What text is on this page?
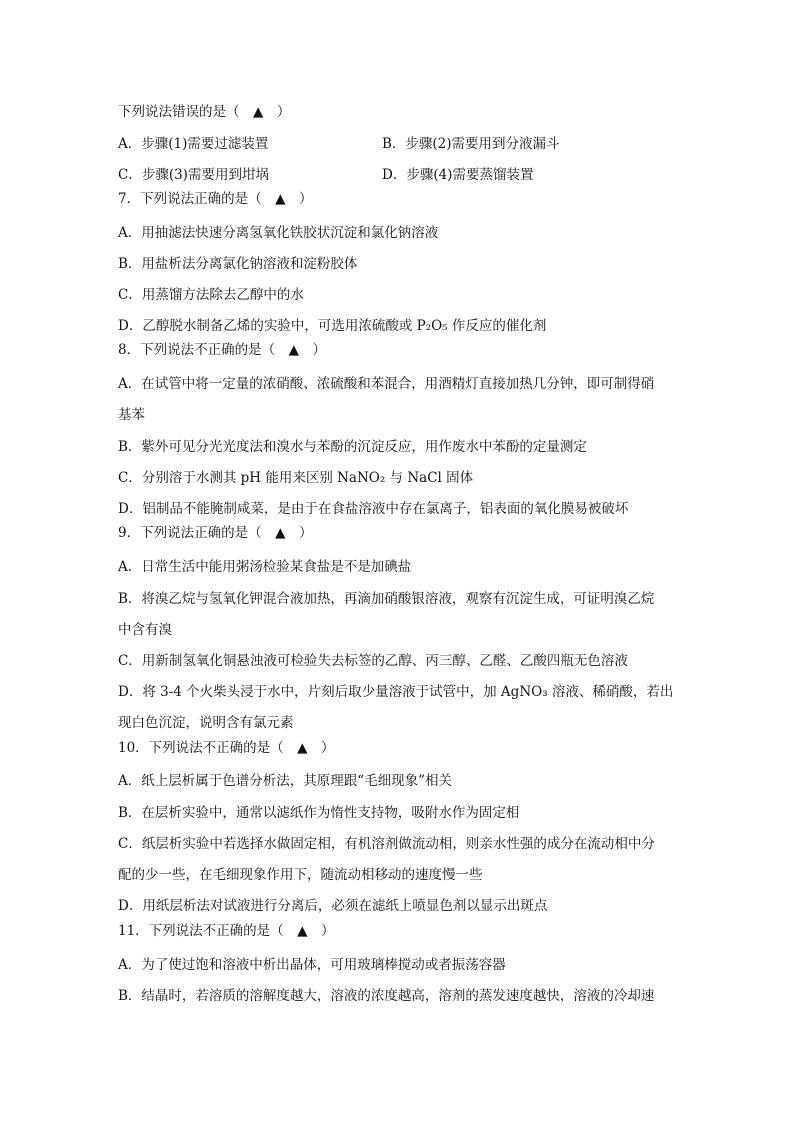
下列说法错误的是（　▲　）
A．步骤(1)需要过滤装置	B．步骤(2)需要用到分液漏斗
C．步骤(3)需要用到坩埚	D．步骤(4)需要蒸馏装置
7．下列说法正确的是（　▲　）
A．用抽滤法快速分离氢氧化铁胶状沉淀和氯化钠溶液
B．用盐析法分离氯化钠溶液和淀粉胶体
C．用蒸馏方法除去乙醇中的水
D．乙醇脱水制备乙烯的实验中，可选用浓硫酸或 P₂O₅ 作反应的催化剂
8．下列说法不正确的是（　▲　）
A．在试管中将一定量的浓硝酸、浓硫酸和苯混合，用酒精灯直接加热几分钟，即可制得硝
基苯
B．紫外可见分光光度法和溴水与苯酚的沉淀反应，用作废水中苯酚的定量测定
C．分别溶于水测其 pH 能用来区别 NaNO₂ 与 NaCl 固体
D．铝制品不能腌制咸菜，是由于在食盐溶液中存在氯离子，铝表面的氧化膜易被破坏
9．下列说法正确的是（　▲　）
A．日常生活中能用粥汤检验某食盐是不是加碘盐
B．将溴乙烷与氢氧化钾混合液加热，再滴加硝酸银溶液，观察有沉淀生成，可证明溴乙烷
中含有溴
C．用新制氢氧化铜悬浊液可检验失去标签的乙醇、丙三醇、乙醛、乙酸四瓶无色溶液
D．将 3-4 个火柴头浸于水中，片刻后取少量溶液于试管中，加 AgNO₃ 溶液、稀硝酸，若出
现白色沉淀，说明含有氯元素
10．下列说法不正确的是（　▲　）
A．纸上层析属于色谱分析法，其原理跟“毛细现象”相关
B．在层析实验中，通常以滤纸作为惰性支持物，吸附水作为固定相
C．纸层析实验中若选择水做固定相，有机溶剂做流动相，则亲水性强的成分在流动相中分
配的少一些，在毛细现象作用下，随流动相移动的速度慢一些
D．用纸层析法对试液进行分离后，必须在滤纸上喷显色剂以显示出斑点
11．下列说法不正确的是（　▲　）
A．为了使过饱和溶液中析出晶体，可用玻璃棒搅动或者振荡容器
B．结晶时，若溶质的溶解度越大，溶液的浓度越高，溶剂的蒸发速度越快，溶液的冷却速
